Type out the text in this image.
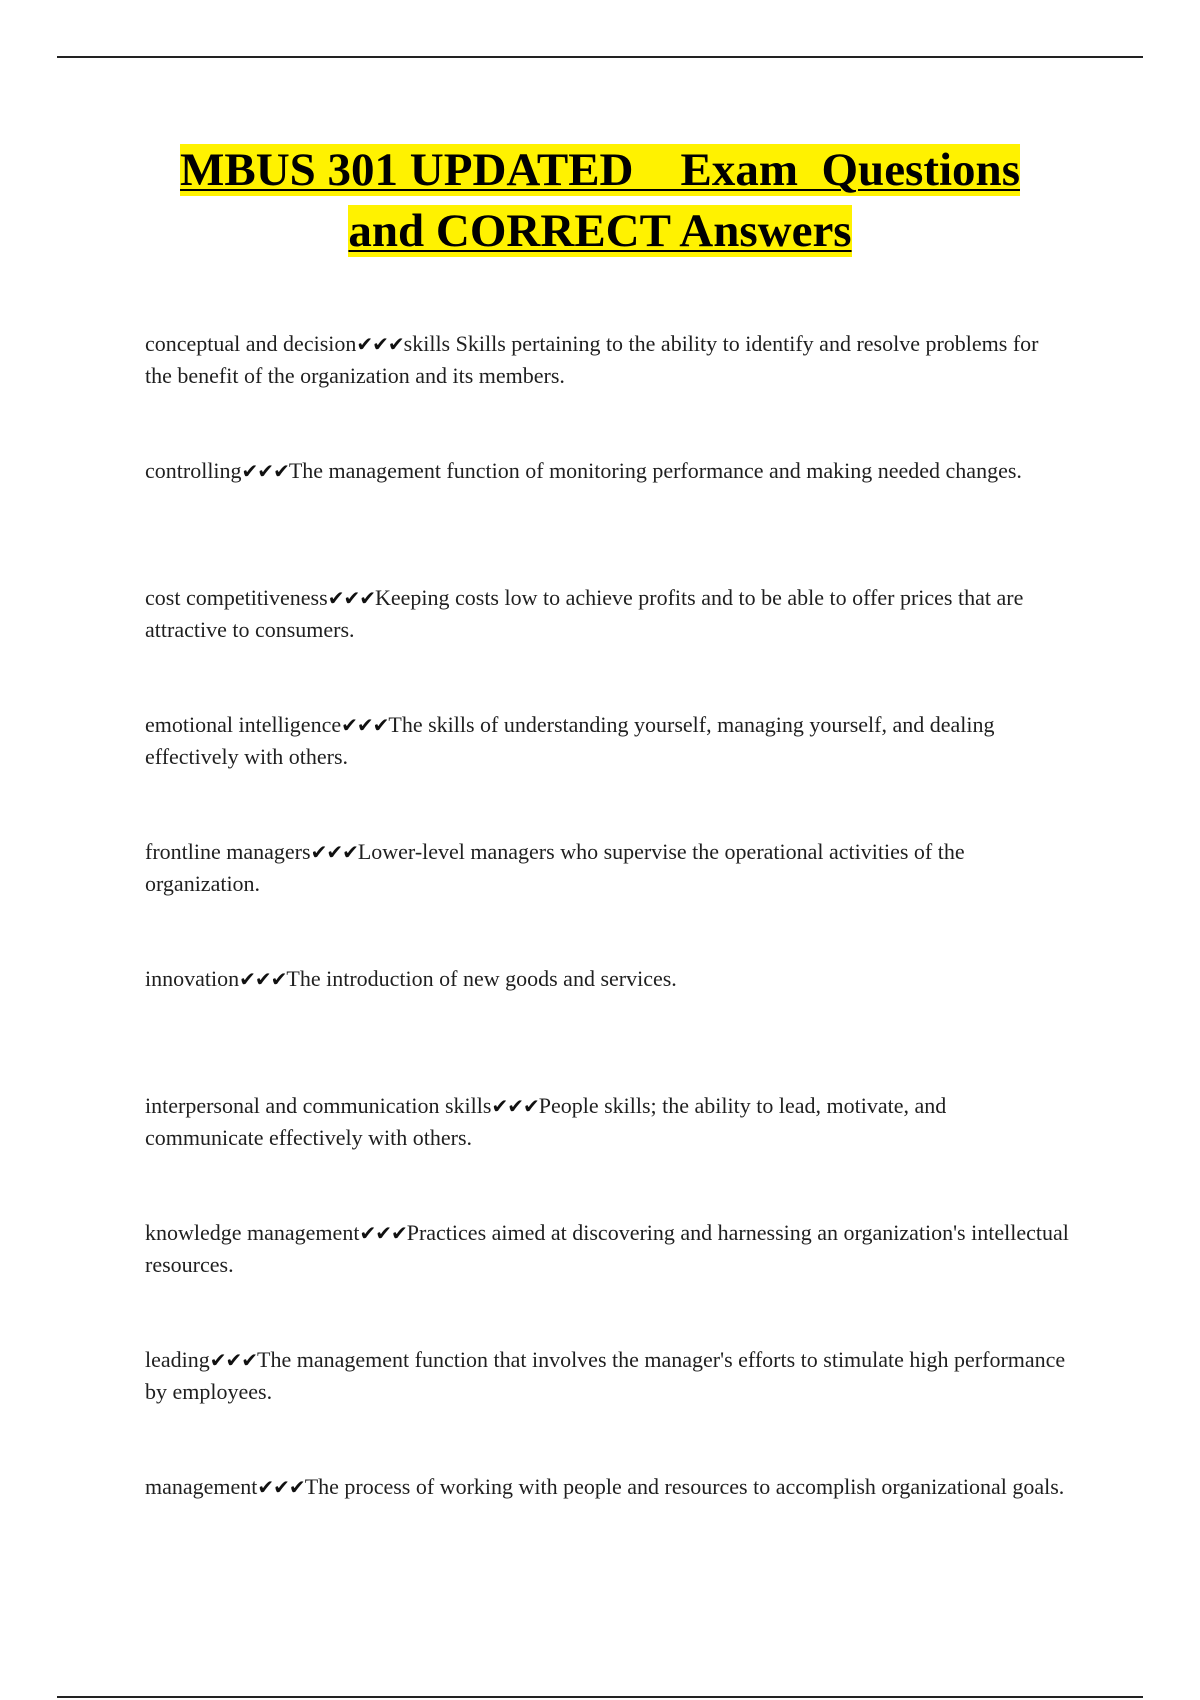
MBUS 301 UPDATED    Exam  Questions
and CORRECT Answers
conceptual and decision✔✔✔skills Skills pertaining to the ability to identify and resolve problems for the benefit of the organization and its members.
controlling✔✔✔The management function of monitoring performance and making needed changes.
cost competitiveness✔✔✔Keeping costs low to achieve profits and to be able to offer prices that are attractive to consumers.
emotional intelligence✔✔✔The skills of understanding yourself, managing yourself, and dealing effectively with others.
frontline managers✔✔✔Lower-level managers who supervise the operational activities of the organization.
innovation✔✔✔The introduction of new goods and services.
interpersonal and communication skills✔✔✔People skills; the ability to lead, motivate, and communicate effectively with others.
knowledge management✔✔✔Practices aimed at discovering and harnessing an organization's intellectual resources.
leading✔✔✔The management function that involves the manager's efforts to stimulate high performance by employees.
management✔✔✔The process of working with people and resources to accomplish organizational goals.
